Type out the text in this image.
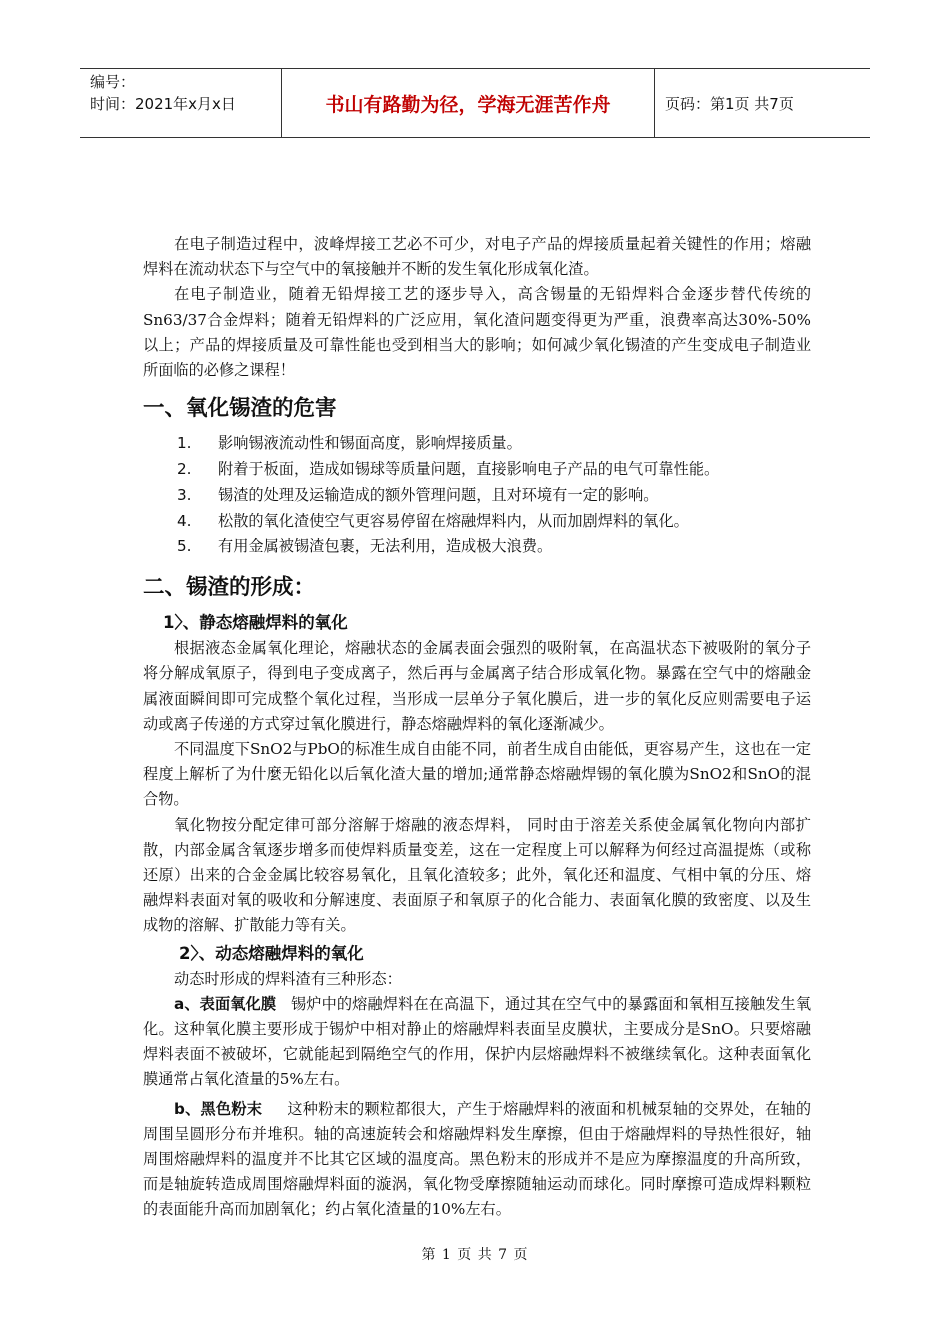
编号：
时间：2021年x月x日	书山有路勤为径，学海无涯苦作舟	页码：第1页 共7页

在电子制造过程中，波峰焊接工艺必不可少，对电子产品的焊接质量起着关键性的作用；熔融焊料在流动状态下与空气中的氧接触并不断的发生氧化形成氧化渣。

在电子制造业，随着无铅焊接工艺的逐步导入，高含锡量的无铅焊料合金逐步替代传统的Sn63/37合金焊料；随着无铅焊料的广泛应用，氧化渣问题变得更为严重，浪费率高达30%-50%以上；产品的焊接质量及可靠性能也受到相当大的影响；如何减少氧化锡渣的产生变成电子制造业所面临的必修之课程！

一、氧化锡渣的危害
1.	影响锡液流动性和锡面高度，影响焊接质量。
2.	附着于板面，造成如锡球等质量问题，直接影响电子产品的电气可靠性能。
3.	锡渣的处理及运输造成的额外管理问题，且对环境有一定的影响。
4.	松散的氧化渣使空气更容易停留在熔融焊料内，从而加剧焊料的氧化。
5.	有用金属被锡渣包裹，无法利用，造成极大浪费。
二、锡渣的形成：
1〉、静态熔融焊料的氧化

根据液态金属氧化理论，熔融状态的金属表面会强烈的吸附氧，在高温状态下被吸附的氧分子将分解成氧原子，得到电子变成离子，然后再与金属离子结合形成氧化物。暴露在空气中的熔融金属液面瞬间即可完成整个氧化过程，当形成一层单分子氧化膜后，进一步的氧化反应则需要电子运动或离子传递的方式穿过氧化膜进行，静态熔融焊料的氧化逐渐减少。

不同温度下SnO2与PbO的标准生成自由能不同，前者生成自由能低，更容易产生，这也在一定程度上解析了为什麼无铅化以后氧化渣大量的增加;通常静态熔融焊锡的氧化膜为SnO2和SnO的混合物。

氧化物按分配定律可部分溶解于熔融的液态焊料， 同时由于溶差关系使金属氧化物向内部扩散，内部金属含氧逐步增多而使焊料质量变差，这在一定程度上可以解释为何经过高温提炼（或称还原）出来的合金金属比较容易氧化，且氧化渣较多；此外，氧化还和温度、气相中氧的分压、熔融焊料表面对氧的吸收和分解速度、表面原子和氧原子的化合能力、表面氧化膜的致密度、以及生成物的溶解、扩散能力等有关。

2〉、动态熔融焊料的氧化

动态时形成的焊料渣有三种形态：

a、表面氧化膜 锡炉中的熔融焊料在在高温下，通过其在空气中的暴露面和氧相互接触发生氧化。这种氧化膜主要形成于锡炉中相对静止的熔融焊料表面呈皮膜状，主要成分是SnO。只要熔融焊料表面不被破坏，它就能起到隔绝空气的作用，保护内层熔融焊料不被继续氧化。这种表面氧化膜通常占氧化渣量的5%左右。

b、黑色粉末 这种粉末的颗粒都很大，产生于熔融焊料的液面和机械泵轴的交界处，在轴的周围呈圆形分布并堆积。轴的高速旋转会和熔融焊料发生摩擦，但由于熔融焊料的导热性很好，轴周围熔融焊料的温度并不比其它区域的温度高。黑色粉末的形成并不是应为摩擦温度的升高所致，而是轴旋转造成周围熔融焊料面的漩涡，氧化物受摩擦随轴运动而球化。同时摩擦可造成焊料颗粒的表面能升高而加剧氧化；约占氧化渣量的10%左右。

第 1 页 共 7 页
